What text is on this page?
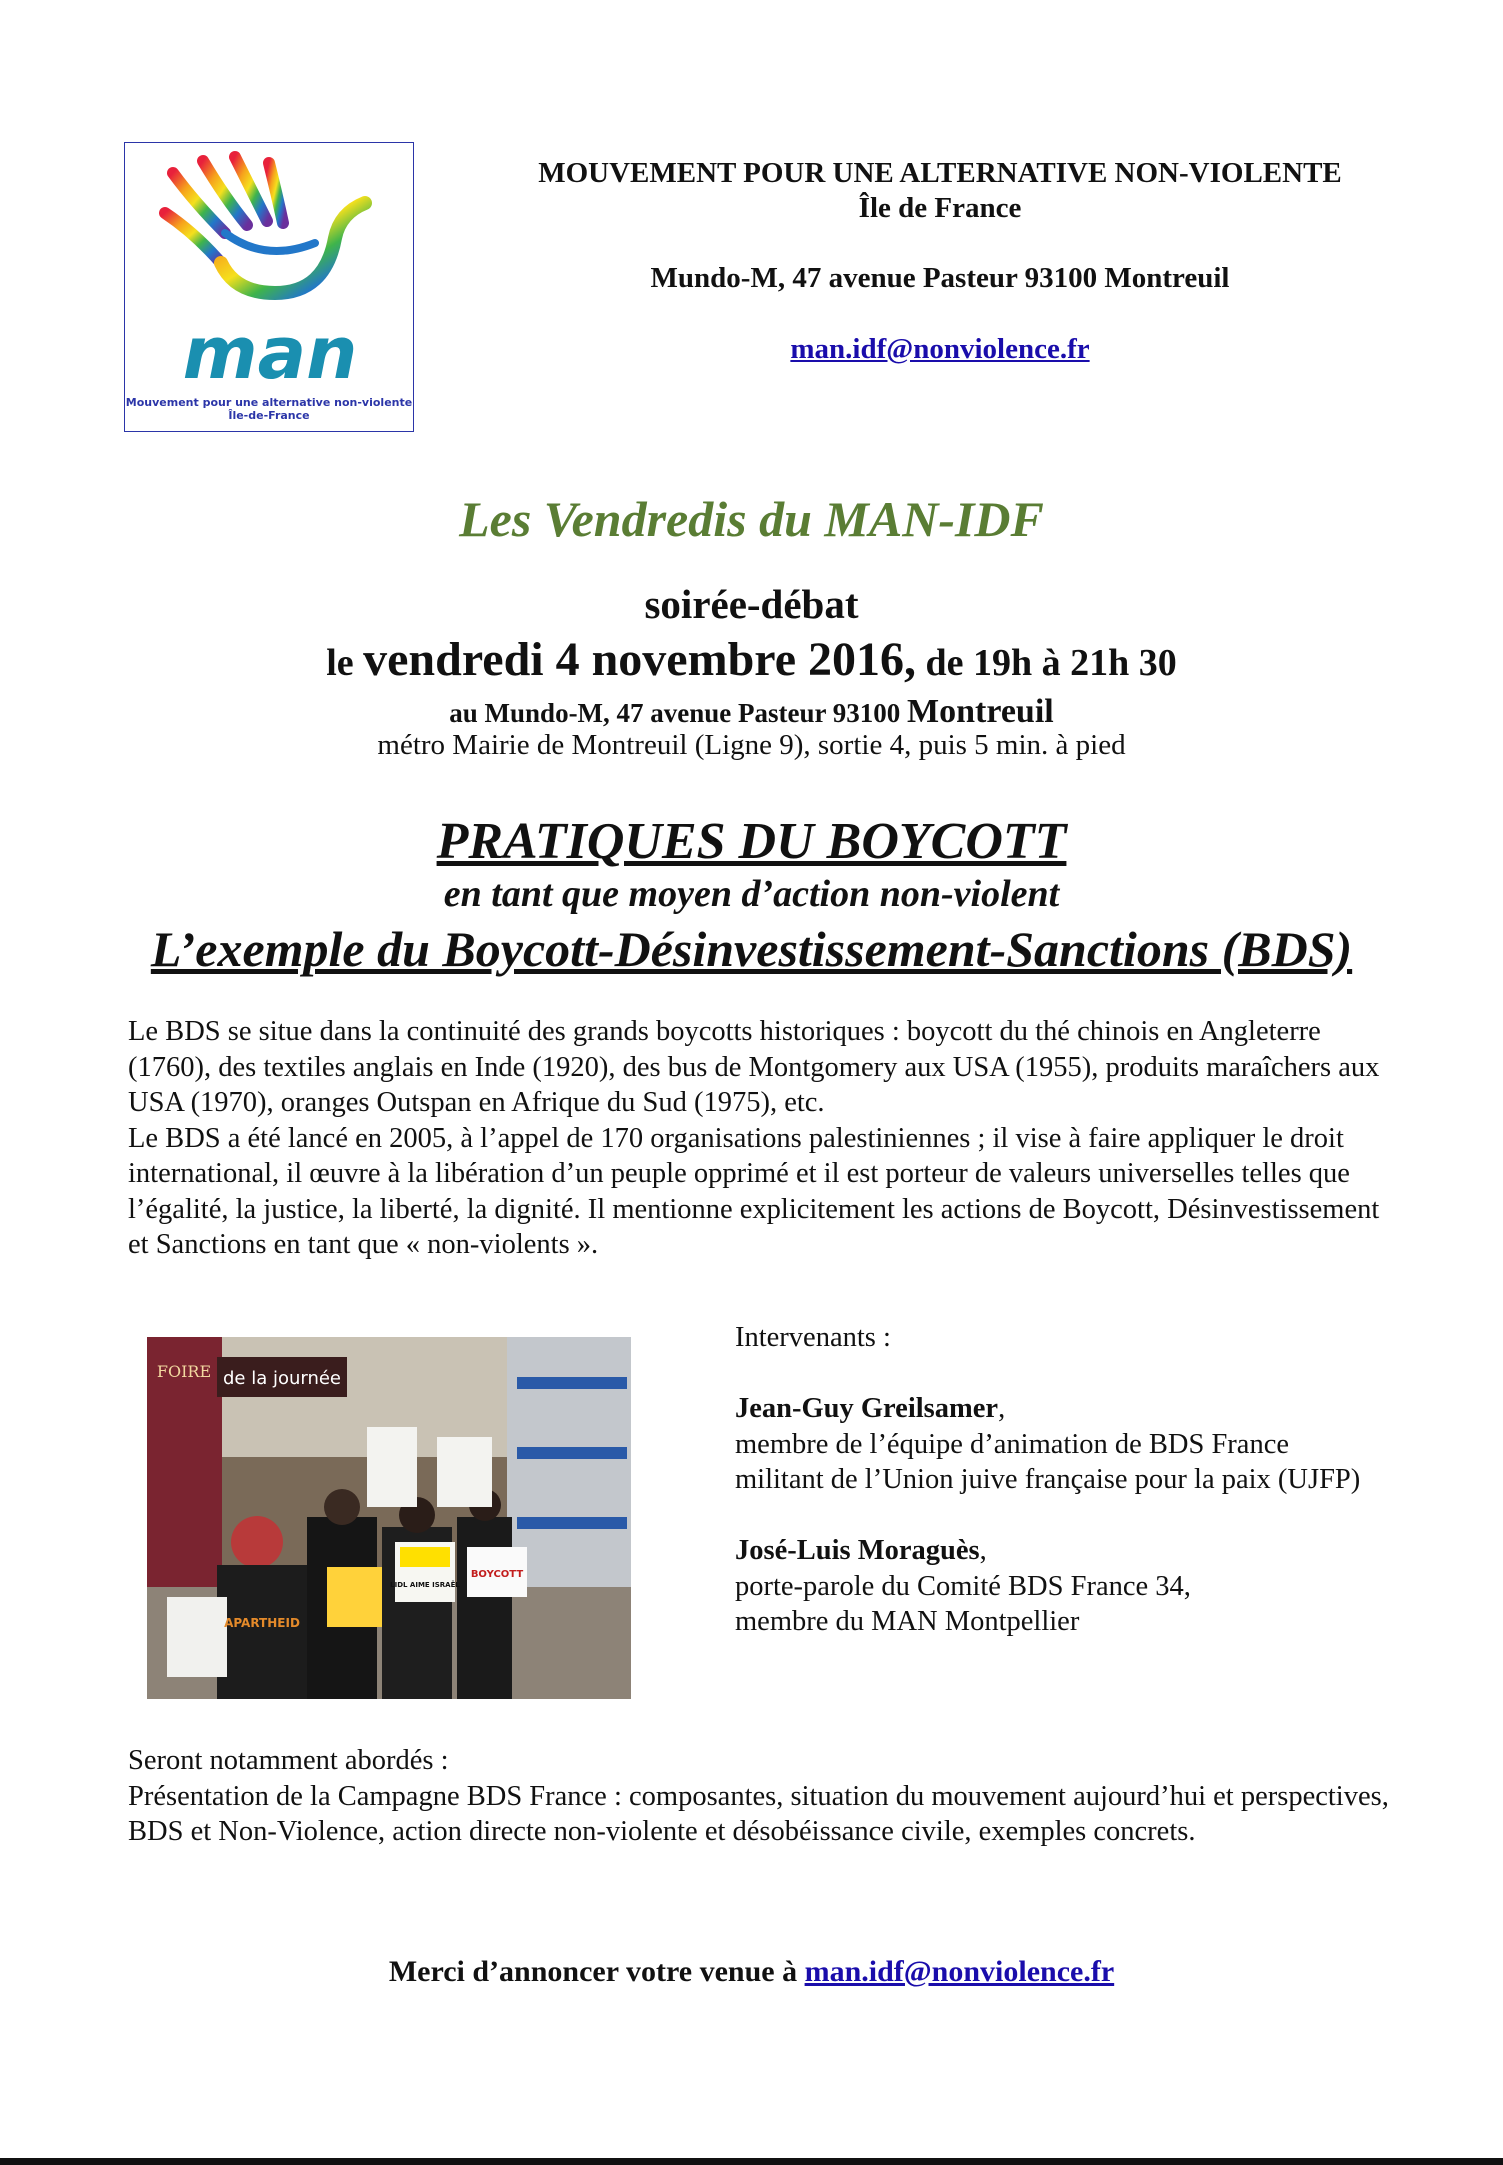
man
Mouvement pour une alternative non-violente
Île-de-France
MOUVEMENT POUR UNE ALTERNATIVE NON-VIOLENTE
Île de France
Mundo-M, 47 avenue Pasteur 93100 Montreuil
man.idf@nonviolence.fr
Les Vendredis du MAN-IDF
soirée-débat
le vendredi 4 novembre 2016, de 19h à 21h 30
au Mundo-M, 47 avenue Pasteur 93100 Montreuil
métro Mairie de Montreuil (Ligne 9), sortie 4, puis 5 min. à pied
PRATIQUES DU BOYCOTT
en tant que moyen d’action non-violent
L’exemple du Boycott-Désinvestissement-Sanctions (BDS)

Le BDS se situe dans la continuité des grands boycotts historiques : boycott du thé chinois en Angleterre (1760), des textiles anglais en Inde (1920), des bus de Montgomery aux USA (1955), produits maraîchers aux USA (1970), oranges Outspan en Afrique du Sud (1975), etc.

Le BDS a été lancé en 2005, à l’appel de 170 organisations palestiniennes ; il vise à faire appliquer le droit international, il œuvre à la libération d’un peuple opprimé et il est porteur de valeurs universelles telles que l’égalité, la justice, la liberté, la dignité. Il mentionne explicitement les actions de Boycott, Désinvestissement et Sanctions en tant que « non-violents ».

FOIRE de la journée
APARTHEID
LIDL AIME ISRAËL
BOYCOTT

Intervenants :

Jean-Guy Greilsamer,

membre de l’équipe d’animation de BDS France

militant de l’Union juive française pour la paix (UJFP)

José-Luis Moraguès,

porte-parole du Comité BDS France 34,

membre du MAN Montpellier

Seront notamment abordés :

Présentation de la Campagne BDS France : composantes, situation du mouvement aujourd’hui et perspectives, BDS et Non-Violence, action directe non-violente et désobéissance civile, exemples concrets.

Merci d’annoncer votre venue à man.idf@nonviolence.fr
